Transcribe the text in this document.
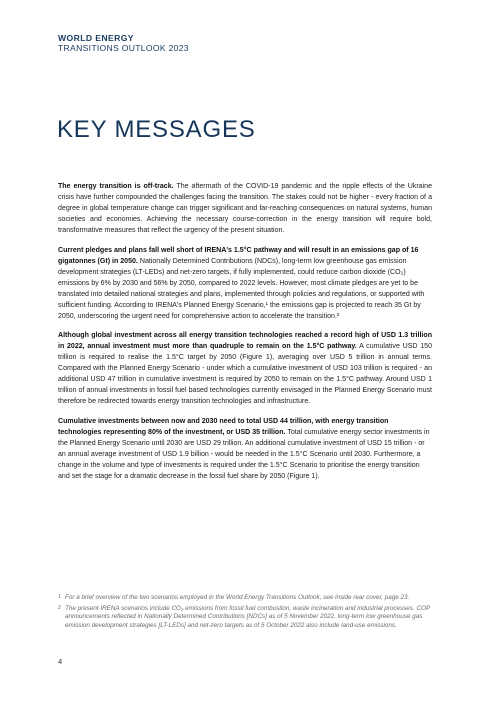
WORLD ENERGY
TRANSITIONS OUTLOOK 2023
KEY MESSAGES

The energy transition is off-track. The aftermath of the COVID-19 pandemic and the ripple effects of the Ukraine crisis have further compounded the challenges facing the transition. The stakes could not be higher - every fraction of a degree in global temperature change can trigger significant and far-reaching consequences on natural systems, human societies and economies. Achieving the necessary course-correction in the energy transition will require bold, transformative measures that reflect the urgency of the present situation.

Current pledges and plans fall well short of IRENA's 1.5°C pathway and will result in an emissions gap of 16 gigatonnes (Gt) in 2050. Nationally Determined Contributions (NDCs), long-term low greenhouse gas emission development strategies (LT-LEDs) and net-zero targets, if fully implemented, could reduce carbon dioxide (CO₂) emissions by 6% by 2030 and 56% by 2050, compared to 2022 levels. However, most climate pledges are yet to be translated into detailed national strategies and plans, implemented through policies and regulations, or supported with sufficient funding. According to IRENA's Planned Energy Scenario,¹ the emissions gap is projected to reach 35 Gt by 2050, underscoring the urgent need for comprehensive action to accelerate the transition.²

Although global investment across all energy transition technologies reached a record high of USD 1.3 trillion in 2022, annual investment must more than quadruple to remain on the 1.5°C pathway. A cumulative USD 150 trillion is required to realise the 1.5°C target by 2050 (Figure 1), averaging over USD 5 trillion in annual terms. Compared with the Planned Energy Scenario - under which a cumulative investment of USD 103 trillion is required - an additional USD 47 trillion in cumulative investment is required by 2050 to remain on the 1.5°C pathway. Around USD 1 trillion of annual investments in fossil fuel based technologies currently envisaged in the Planned Energy Scenario must therefore be redirected towards energy transition technologies and infrastructure.

Cumulative investments between now and 2030 need to total USD 44 trillion, with energy transition technologies representing 80% of the investment, or USD 35 trillion. Total cumulative energy sector investments in the Planned Energy Scenario until 2030 are USD 29 trillion. An additional cumulative investment of USD 15 trillion - or an annual average investment of USD 1.9 billion - would be needed in the 1.5°C Scenario until 2030. Furthermore, a change in the volume and type of investments is required under the 1.5°C Scenario to prioritise the energy transition and set the stage for a dramatic decrease in the fossil fuel share by 2050 (Figure 1).

1 For a brief overview of the two scenarios employed in the World Energy Transitions Outlook, see inside rear cover, page 23.
2 The present IRENA scenarios include CO₂ emissions from fossil fuel combustion, waste incineration and industrial processes. COP announcements reflected in Nationally Determined Contributions [NDCs] as of 5 November 2022, long-term low greenhouse gas emission development strategies [LT-LEDs] and net-zero targets as of 5 October 2022 also include land-use emissions.
4
